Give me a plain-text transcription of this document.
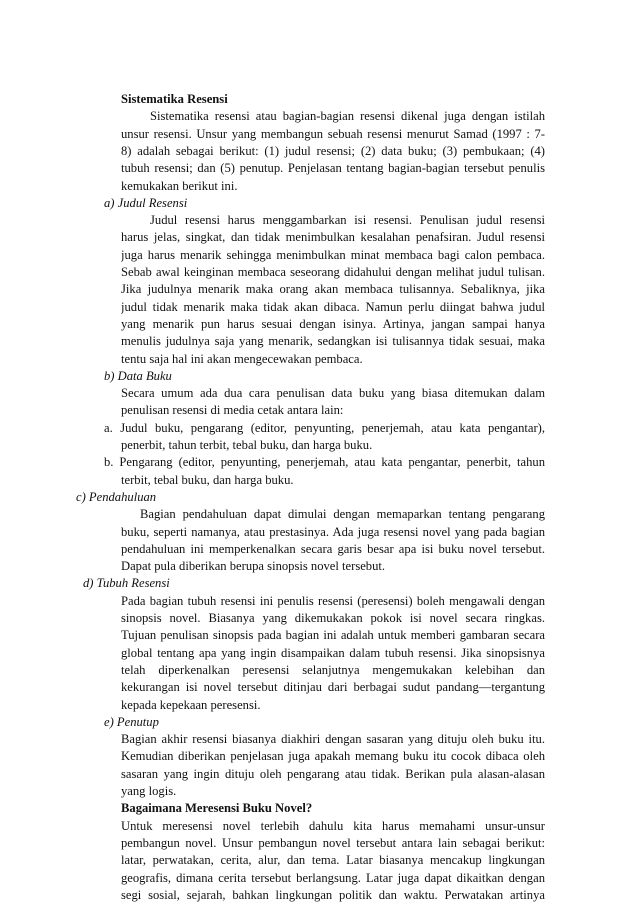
Sistematika Resensi
Sistematika resensi atau bagian-bagian resensi dikenal juga dengan istilah
unsur resensi. Unsur yang membangun sebuah resensi menurut Samad (1997 : 7-
8) adalah sebagai berikut: (1) judul resensi; (2) data buku; (3) pembukaan; (4)
tubuh resensi; dan (5) penutup. Penjelasan tentang bagian-bagian tersebut penulis
kemukakan berikut ini.
a) Judul Resensi
Judul resensi harus menggambarkan isi resensi. Penulisan judul resensi
harus jelas, singkat, dan tidak menimbulkan kesalahan penafsiran. Judul resensi
juga harus menarik sehingga menimbulkan minat membaca bagi calon pembaca.
Sebab awal keinginan membaca seseorang didahului dengan melihat judul tulisan.
Jika judulnya menarik maka orang akan membaca tulisannya. Sebaliknya, jika
judul tidak menarik maka tidak akan dibaca. Namun perlu diingat bahwa judul
yang menarik pun harus sesuai dengan isinya. Artinya, jangan sampai hanya
menulis judulnya saja yang menarik, sedangkan isi tulisannya tidak sesuai, maka
tentu saja hal ini akan mengecewakan pembaca.
b) Data Buku
Secara umum ada dua cara penulisan data buku yang biasa ditemukan dalam
penulisan resensi di media cetak antara lain:
a. Judul buku, pengarang (editor, penyunting, penerjemah, atau kata pengantar),
penerbit, tahun terbit, tebal buku, dan harga buku.
b. Pengarang (editor, penyunting, penerjemah, atau kata pengantar, penerbit, tahun
terbit, tebal buku, dan harga buku.
c) Pendahuluan
Bagian pendahuluan dapat dimulai dengan memaparkan tentang pengarang
buku, seperti namanya, atau prestasinya. Ada juga resensi novel yang pada bagian
pendahuluan ini memperkenalkan secara garis besar apa isi buku novel tersebut.
Dapat pula diberikan berupa sinopsis novel tersebut.
d) Tubuh Resensi
Pada bagian tubuh resensi ini penulis resensi (peresensi) boleh mengawali dengan
sinopsis novel. Biasanya yang dikemukakan pokok isi novel secara ringkas.
Tujuan penulisan sinopsis pada bagian ini adalah untuk memberi gambaran secara
global tentang apa yang ingin disampaikan dalam tubuh resensi. Jika sinopsisnya
telah diperkenalkan peresensi selanjutnya mengemukakan kelebihan dan
kekurangan isi novel tersebut ditinjau dari berbagai sudut pandang—tergantung
kepada kepekaan peresensi.
e) Penutup
Bagian akhir resensi biasanya diakhiri dengan sasaran yang dituju oleh buku itu.
Kemudian diberikan penjelasan juga apakah memang buku itu cocok dibaca oleh
sasaran yang ingin dituju oleh pengarang atau tidak. Berikan pula alasan-alasan
yang logis.
Bagaimana Meresensi Buku Novel?
Untuk meresensi novel terlebih dahulu kita harus memahami unsur-unsur
pembangun novel. Unsur pembangun novel tersebut antara lain sebagai berikut:
latar, perwatakan, cerita, alur, dan tema. Latar biasanya mencakup lingkungan
geografis, dimana cerita tersebut berlangsung. Latar juga dapat dikaitkan dengan
segi sosial, sejarah, bahkan lingkungan politik dan waktu. Perwatakan artinya
